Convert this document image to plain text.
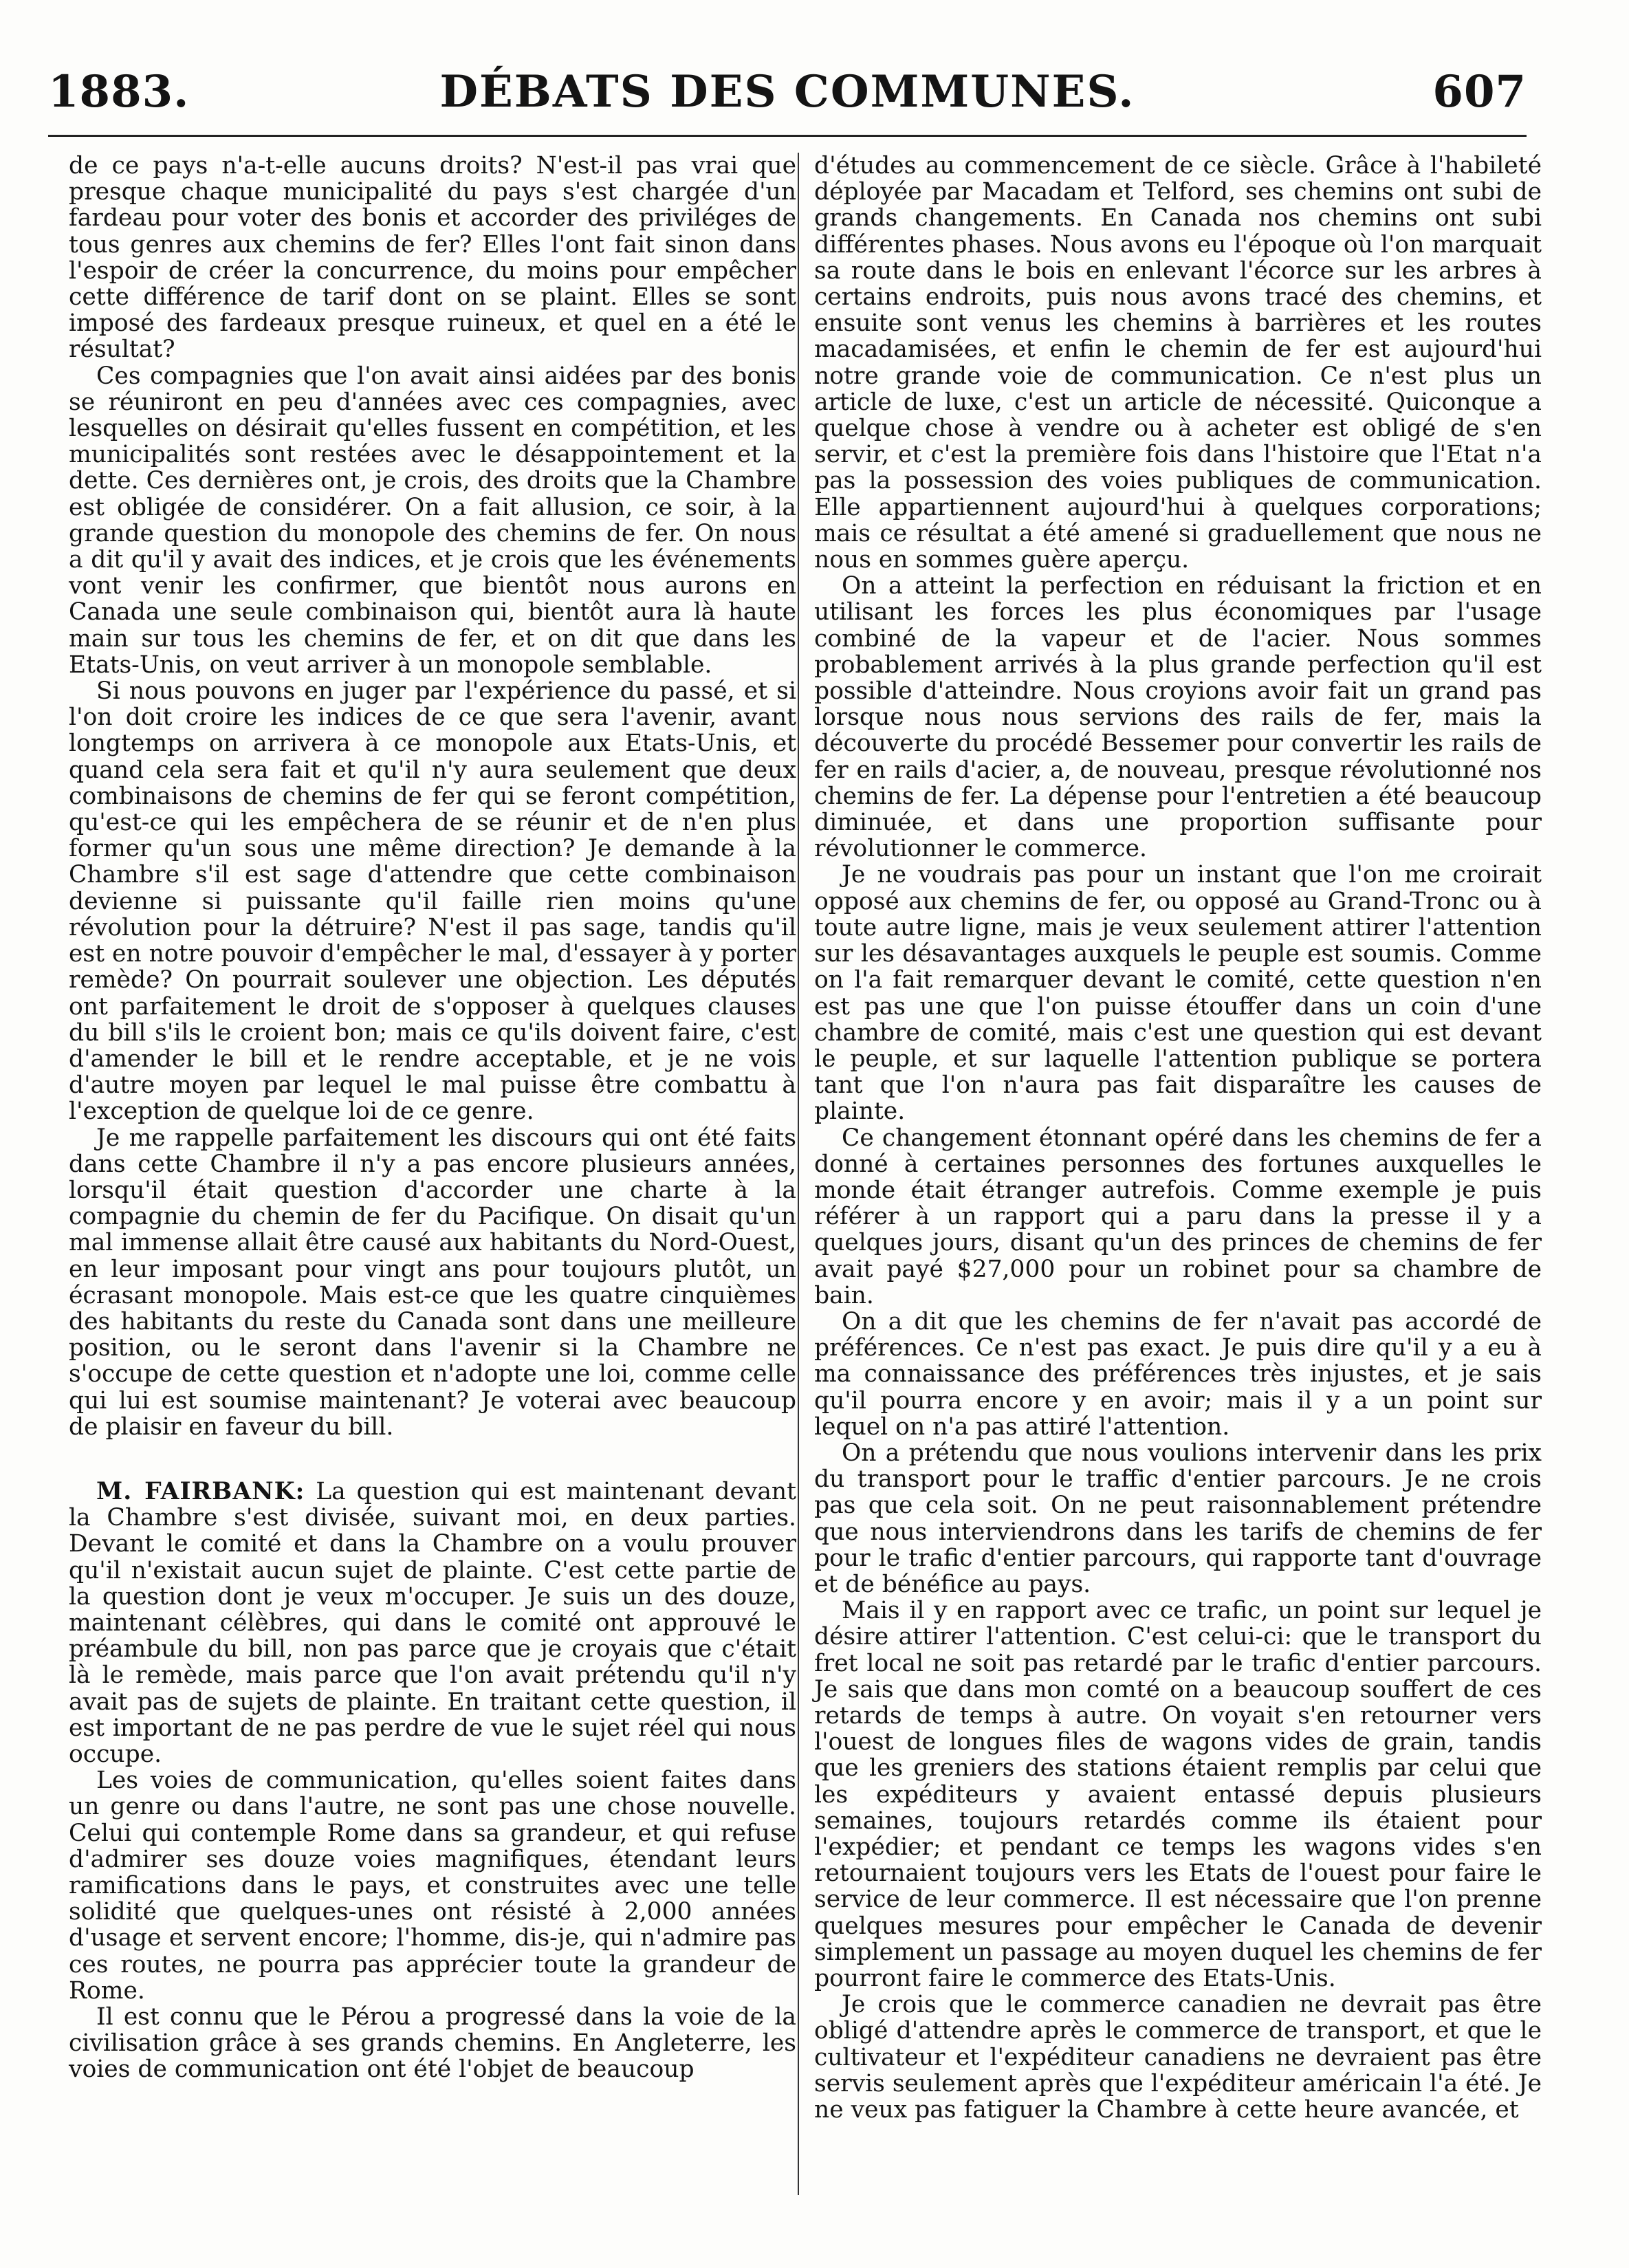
1883.	DÉBATS DES COMMUNES.	607

de ce pays n'a-t-elle aucuns droits? N'est-il pas vrai que presque chaque municipalité du pays s'est chargée d'un fardeau pour voter des bonis et accorder des priviléges de tous genres aux chemins de fer? Elles l'ont fait sinon dans l'espoir de créer la concurrence, du moins pour empêcher cette différence de tarif dont on se plaint. Elles se sont imposé des fardeaux presque ruineux, et quel en a été le résultat?

Ces compagnies que l'on avait ainsi aidées par des bonis se réuniront en peu d'années avec ces compagnies, avec lesquelles on désirait qu'elles fussent en compétition, et les municipalités sont restées avec le désappointement et la dette. Ces dernières ont, je crois, des droits que la Chambre est obligée de considérer. On a fait allusion, ce soir, à la grande question du monopole des chemins de fer. On nous a dit qu'il y avait des indices, et je crois que les événements vont venir les confirmer, que bientôt nous aurons en Canada une seule combinaison qui, bientôt aura là haute main sur tous les chemins de fer, et on dit que dans les Etats-Unis, on veut arriver à un monopole semblable.

Si nous pouvons en juger par l'expérience du passé, et si l'on doit croire les indices de ce que sera l'avenir, avant longtemps on arrivera à ce monopole aux Etats-Unis, et quand cela sera fait et qu'il n'y aura seulement que deux combinaisons de chemins de fer qui se feront compétition, qu'est-ce qui les empêchera de se réunir et de n'en plus former qu'un sous une même direction? Je demande à la Chambre s'il est sage d'attendre que cette combinaison devienne si puissante qu'il faille rien moins qu'une révolution pour la détruire? N'est il pas sage, tandis qu'il est en notre pouvoir d'empêcher le mal, d'essayer à y porter remède? On pourrait soulever une objection. Les députés ont parfaitement le droit de s'opposer à quelques clauses du bill s'ils le croient bon; mais ce qu'ils doivent faire, c'est d'amender le bill et le rendre acceptable, et je ne vois d'autre moyen par lequel le mal puisse être combattu à l'exception de quelque loi de ce genre.

Je me rappelle parfaitement les discours qui ont été faits dans cette Chambre il n'y a pas encore plusieurs années, lorsqu'il était question d'accorder une charte à la compagnie du chemin de fer du Pacifique. On disait qu'un mal immense allait être causé aux habitants du Nord-Ouest, en leur imposant pour vingt ans pour toujours plutôt, un écrasant monopole. Mais est-ce que les quatre cinquièmes des habitants du reste du Canada sont dans une meilleure position, ou le seront dans l'avenir si la Chambre ne s'occupe de cette question et n'adopte une loi, comme celle qui lui est soumise maintenant? Je voterai avec beaucoup de plaisir en faveur du bill.

M. FAIRBANK: La question qui est maintenant devant la Chambre s'est divisée, suivant moi, en deux parties. Devant le comité et dans la Chambre on a voulu prouver qu'il n'existait aucun sujet de plainte. C'est cette partie de la question dont je veux m'occuper. Je suis un des douze, maintenant célèbres, qui dans le comité ont approuvé le préambule du bill, non pas parce que je croyais que c'était là le remède, mais parce que l'on avait prétendu qu'il n'y avait pas de sujets de plainte. En traitant cette question, il est important de ne pas perdre de vue le sujet réel qui nous occupe.

Les voies de communication, qu'elles soient faites dans un genre ou dans l'autre, ne sont pas une chose nouvelle. Celui qui contemple Rome dans sa grandeur, et qui refuse d'admirer ses douze voies magnifiques, étendant leurs ramifications dans le pays, et construites avec une telle solidité que quelques-unes ont résisté à 2,000 années d'usage et servent encore; l'homme, dis-je, qui n'admire pas ces routes, ne pourra pas apprécier toute la grandeur de Rome.

Il est connu que le Pérou a progressé dans la voie de la civilisation grâce à ses grands chemins. En Angleterre, les voies de communication ont été l'objet de beaucoup

d'études au commencement de ce siècle. Grâce à l'habileté déployée par Macadam et Telford, ses chemins ont subi de grands changements. En Canada nos chemins ont subi différentes phases. Nous avons eu l'époque où l'on marquait sa route dans le bois en enlevant l'écorce sur les arbres à certains endroits, puis nous avons tracé des chemins, et ensuite sont venus les chemins à barrières et les routes macadamisées, et enfin le chemin de fer est aujourd'hui notre grande voie de communication. Ce n'est plus un article de luxe, c'est un article de nécessité. Quiconque a quelque chose à vendre ou à acheter est obligé de s'en servir, et c'est la première fois dans l'histoire que l'Etat n'a pas la possession des voies publiques de communication. Elle appartiennent aujourd'hui à quelques corporations; mais ce résultat a été amené si graduellement que nous ne nous en sommes guère aperçu.

On a atteint la perfection en réduisant la friction et en utilisant les forces les plus économiques par l'usage combiné de la vapeur et de l'acier. Nous sommes probablement arrivés à la plus grande perfection qu'il est possible d'atteindre. Nous croyions avoir fait un grand pas lorsque nous nous servions des rails de fer, mais la découverte du procédé Bessemer pour convertir les rails de fer en rails d'acier, a, de nouveau, presque révolutionné nos chemins de fer. La dépense pour l'entretien a été beaucoup diminuée, et dans une proportion suffisante pour révolutionner le commerce.

Je ne voudrais pas pour un instant que l'on me croirait opposé aux chemins de fer, ou opposé au Grand-Tronc ou à toute autre ligne, mais je veux seulement attirer l'attention sur les désavantages auxquels le peuple est soumis. Comme on l'a fait remarquer devant le comité, cette question n'en est pas une que l'on puisse étouffer dans un coin d'une chambre de comité, mais c'est une question qui est devant le peuple, et sur laquelle l'attention publique se portera tant que l'on n'aura pas fait disparaître les causes de plainte.

Ce changement étonnant opéré dans les chemins de fer a donné à certaines personnes des fortunes auxquelles le monde était étranger autrefois. Comme exemple je puis référer à un rapport qui a paru dans la presse il y a quelques jours, disant qu'un des princes de chemins de fer avait payé $27,000 pour un robinet pour sa chambre de bain.

On a dit que les chemins de fer n'avait pas accordé de préférences. Ce n'est pas exact. Je puis dire qu'il y a eu à ma connaissance des préférences très injustes, et je sais qu'il pourra encore y en avoir; mais il y a un point sur lequel on n'a pas attiré l'attention.

On a prétendu que nous voulions intervenir dans les prix du transport pour le traffic d'entier parcours. Je ne crois pas que cela soit. On ne peut raisonnablement prétendre que nous interviendrons dans les tarifs de chemins de fer pour le trafic d'entier parcours, qui rapporte tant d'ouvrage et de bénéfice au pays.

Mais il y en rapport avec ce trafic, un point sur lequel je désire attirer l'attention. C'est celui-ci: que le transport du fret local ne soit pas retardé par le trafic d'entier parcours. Je sais que dans mon comté on a beaucoup souffert de ces retards de temps à autre. On voyait s'en retourner vers l'ouest de longues files de wagons vides de grain, tandis que les greniers des stations étaient remplis par celui que les expéditeurs y avaient entassé depuis plusieurs semaines, toujours retardés comme ils étaient pour l'expédier; et pendant ce temps les wagons vides s'en retournaient toujours vers les Etats de l'ouest pour faire le service de leur commerce. Il est nécessaire que l'on prenne quelques mesures pour empêcher le Canada de devenir simplement un passage au moyen duquel les chemins de fer pourront faire le commerce des Etats-Unis.

Je crois que le commerce canadien ne devrait pas être obligé d'attendre après le commerce de transport, et que le cultivateur et l'expéditeur canadiens ne devraient pas être servis seulement après que l'expéditeur américain l'a été. Je ne veux pas fatiguer la Chambre à cette heure avancée, et
